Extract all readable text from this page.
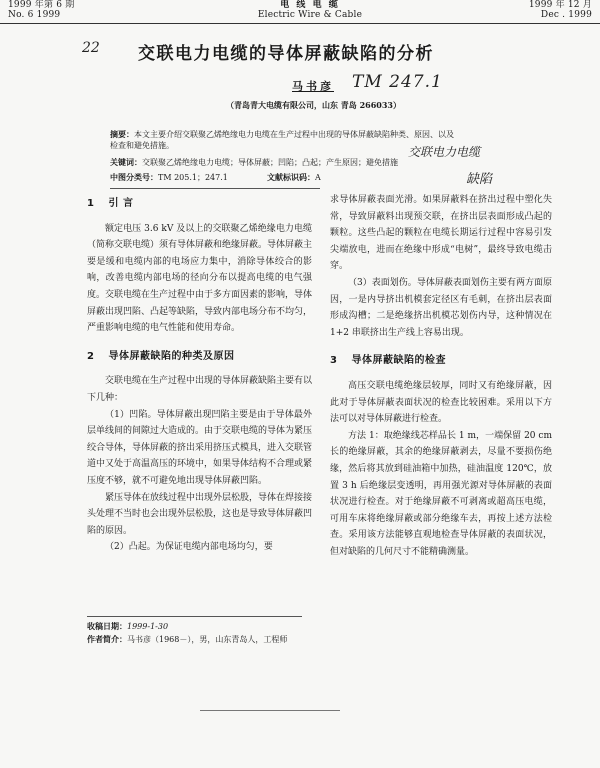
1999 年第 6 期
No. 6 1999
电 线 电 缆
Electric Wire & Cable
1999 年 12 月
Dec . 1999
22 交联电力电缆的导体屏蔽缺陷的分析
马书彦 TM 247.1
（青岛青大电缆有限公司，山东 青岛 266033）
摘要：本文主要介绍交联聚乙烯绝缘电力电缆在生产过程中出现的导体屏蔽缺陷种类、原因、以及检查和避免措施。	交联电力电缆
关键词：交联聚乙烯绝缘电力电缆；导体屏蔽；凹陷；凸起；产生原因；避免措施
中图分类号：TM 205.1；247.1	文献标识码：A	缺陷
1 引 言

额定电压 3.6 kV 及以上的交联聚乙烯绝缘电力电缆（简称交联电缆）须有导体屏蔽和绝缘屏蔽。导体屏蔽主要是缓和电缆内部的电场应力集中，消除导体绞合的影响，改善电缆内部电场的径向分布以提高电缆的电气强度。交联电缆在生产过程中由于多方面因素的影响，导体屏蔽出现凹陷、凸起等缺陷，导致内部电场分布不均匀，严重影响电缆的电气性能和使用寿命。

2 导体屏蔽缺陷的种类及原因

交联电缆在生产过程中出现的导体屏蔽缺陷主要有以下几种：

（1）凹陷。导体屏蔽出现凹陷主要是由于导体最外层单线间的间隙过大造成的。由于交联电缆的导体为紧压绞合导体，导体屏蔽的挤出采用挤压式模具，进入交联管道中又处于高温高压的环境中，如果导体结构不合理或紧压度不够，就不可避免地出现导体屏蔽凹陷。

紧压导体在放线过程中出现外层松股，导体在焊接接头处理不当时也会出现外层松股，这也是导致导体屏蔽凹陷的原因。

（2）凸起。为保证电缆内部电场均匀，要

求导体屏蔽表面光滑。如果屏蔽料在挤出过程中塑化失常，导致屏蔽料出现预交联，在挤出层表面形成凸起的颗粒。这些凸起的颗粒在电缆长期运行过程中容易引发尖端放电，进而在绝缘中形成“电树”，最终导致电缆击穿。

（3）表面划伤。导体屏蔽表面划伤主要有两方面原因，一是内导挤出机模套定径区有毛刺，在挤出层表面形成沟槽；二是绝缘挤出机模芯划伤内导，这种情况在 1+2 串联挤出生产线上容易出现。

3 导体屏蔽缺陷的检查

高压交联电缆绝缘层较厚，同时又有绝缘屏蔽，因此对于导体屏蔽表面状况的检查比较困难。采用以下方法可以对导体屏蔽进行检查。

方法 1：取绝缘线芯样品长 1 m，一端保留 20 cm 长的绝缘屏蔽，其余的绝缘屏蔽剥去，尽量不要损伤绝缘，然后将其放到硅油箱中加热，硅油温度 120℃，放置 3 h 后绝缘层变透明，再用强光源对导体屏蔽的表面状况进行检查。对于绝缘屏蔽不可剥离或超高压电缆，可用车床将绝缘屏蔽或部分绝缘车去，再按上述方法检查。采用该方法能够直观地检查导体屏蔽的表面状况，但对缺陷的几何尺寸不能精确测量。

收稿日期：1999-1-30
作者简介：马书彦（1968－），男，山东青岛人，工程师
